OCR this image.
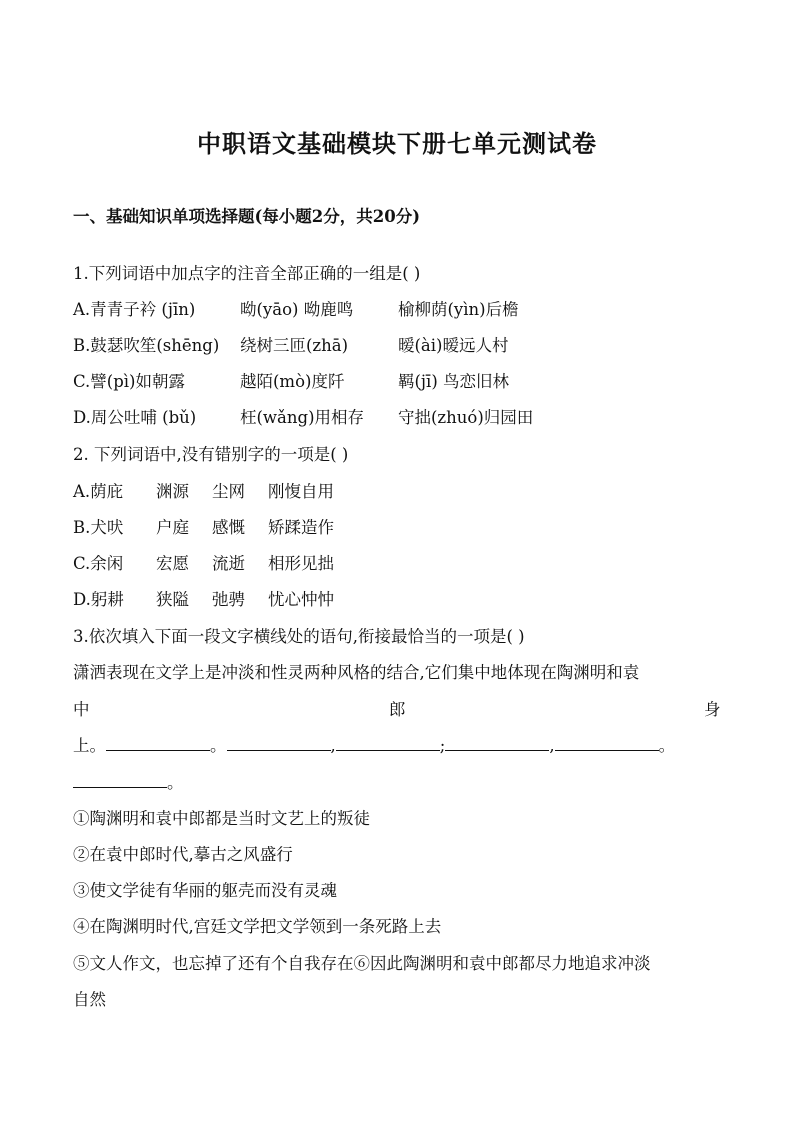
中职语文基础模块下册七单元测试卷
一、基础知识单项选择题(每小题2分，共20分)
1.下列词语中加点字的注音全部正确的一组是( )
A.青青子衿 (jīn)	呦(yāo) 呦鹿鸣	榆柳荫(yìn)后檐
B.鼓瑟吹笙(shēng) 绕树三匝(zhā)	暧(ài)暧远人村
C.譬(pì)如朝露	越陌(mò)度阡	羁(jī) 鸟恋旧林
D.周公吐哺 (bǔ)	枉(wǎng)用相存 守拙(zhuó)归园田
2. 下列词语中,没有错别字的一项是( )
A.荫庇 渊源 尘网 刚愎自用
B.犬吠 户庭 感慨 矫蹂造作
C.余闲 宏愿 流逝 相形见拙
D.躬耕 狭隘 弛骋 忧心忡忡
3.依次填入下面一段文字横线处的语句,衔接最恰当的一项是( )
潇洒表现在文学上是冲淡和性灵两种风格的结合,它们集中地体现在陶渊明和袁
中	郎	身
上。	。	,	;	,	。
。
①陶渊明和袁中郎都是当时文艺上的叛徒
②在袁中郎时代,摹古之风盛行
③使文学徒有华丽的躯壳而没有灵魂
④在陶渊明时代,宫廷文学把文学领到一条死路上去
⑤文人作文，也忘掉了还有个自我存在⑥因此陶渊明和袁中郎都尽力地追求冲淡
自然
